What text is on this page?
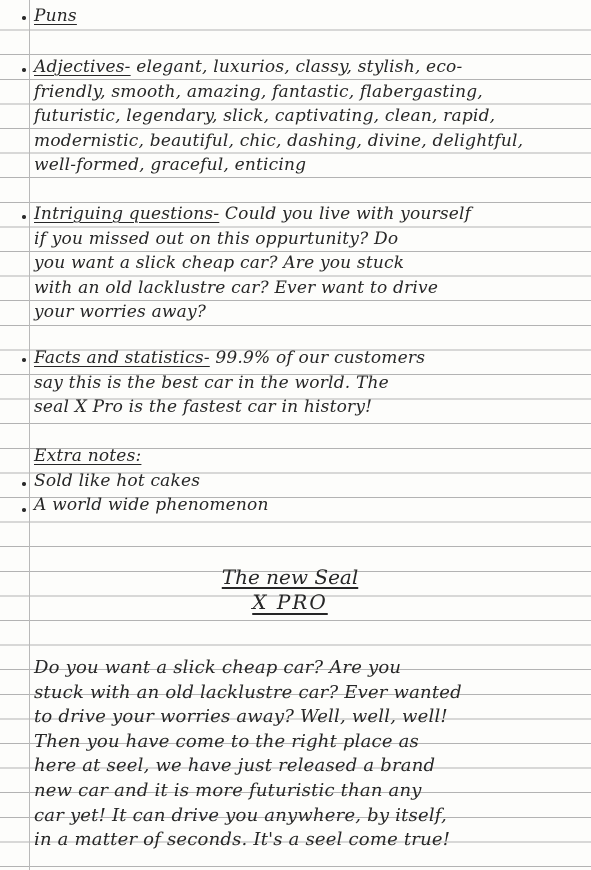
Puns

Adjectives- elegant, luxurios, classy, stylish, eco-
friendly, smooth, amazing, fantastic, flabergasting,
futuristic, legendary, slick, captivating, clean, rapid,
modernistic, beautiful, chic, dashing, divine, delightful,
well-formed, graceful, enticing

Intriguing questions- Could you live with yourself
if you missed out on this oppurtunity? Do
you want a slick cheap car? Are you stuck
with an old lacklustre car? Ever want to drive
your worries away?

Facts and statistics- 99.9% of our customers
say this is the best car in the world. The
seal X Pro is the fastest car in history!

Extra notes:
Sold like hot cakes
A world wide phenomenon

The new Seal
X PRO

Do you want a slick cheap car? Are you
stuck with an old lacklustre car? Ever wanted
to drive your worries away? Well, well, well!
Then you have come to the right place as
here at seel, we have just released a brand
new car and it is more futuristic than any
car yet! It can drive you anywhere, by itself,
in a matter of seconds. It's a seel come true!
